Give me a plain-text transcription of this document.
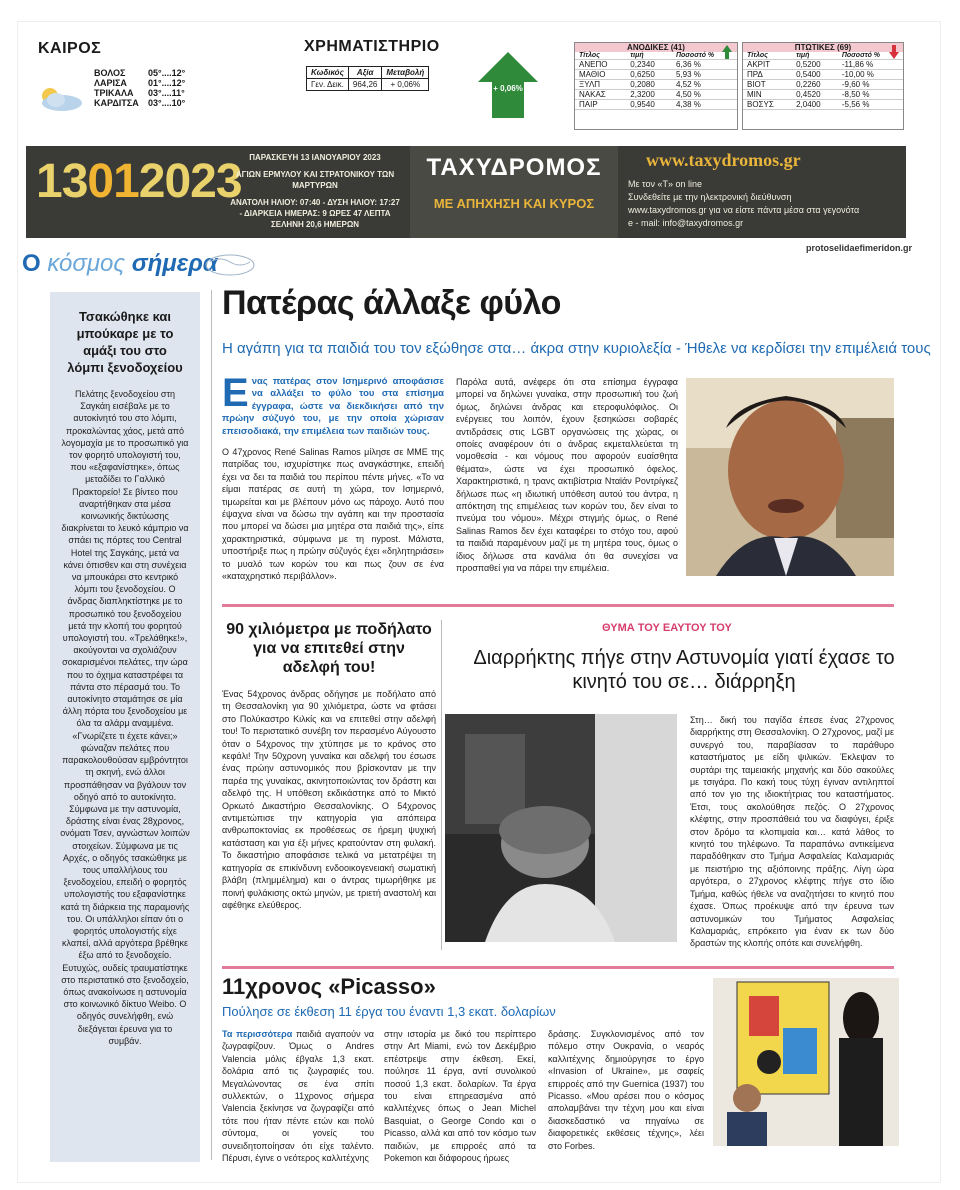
ΚΑΙΡΟΣ
ΒΟΛΟΣ	05°....12°
ΛΑΡΙΣΑ	01°....12°
ΤΡΙΚΑΛΑ	03°....11°
ΚΑΡΔΙΤΣΑ 03°....10°
ΧΡΗΜΑΤΙΣΤΗΡΙΟ
Κωδικός	Αξία	Μεταβολή
Γεν. Δεικ.	964,26	+ 0,06%	+ 0,06%
ΑΝΟΔΙΚΕΣ (41)
Τίτλος	τιμή	Ποσοστό %
ΑΝΕΠΟ	0,2340	6,36 %
ΜΑΘΙΟ	0,6250	5,93 %
ΞΥΛΠ	0,2080	4,52 %
ΝΑΚΑΣ	2,3200	4,50 %
ΠΑΙΡ	0,9540	4,38 %
ΠΤΩΤΙΚΕΣ (69)
Τίτλος	τιμή	Ποσοστό %
ΑΚΡΙΤ	0,5200	-11,86 %
ΠΡΔ	0,5400	-10,00 %
ΒΙΟΤ	0,2260	-9,60 %
ΜΙΝ	0,4520	-8,50 %
ΒΟΣΥΣ	2,0400	-5,56 %
13012023 ΠΑΡΑΣΚΕΥΗ 13 ΙΑΝΟΥΑΡΙΟΥ 2023
ΑΓΙΩΝ ΕΡΜΥΛΟΥ ΚΑΙ ΣΤΡΑΤΟΝΙΚΟΥ ΤΩΝ ΜΑΡΤΥΡΩΝ
ΑΝΑΤΟΛΗ ΗΛΙΟΥ: 07:40 - ΔΥΣΗ ΗΛΙΟΥ: 17:27
- ΔΙΑΡΚΕΙΑ ΗΜΕΡΑΣ: 9 ΩΡΕΣ 47 ΛΕΠΤΑ
ΣΕΛΗΝΗ 20,6 ΗΜΕΡΩΝ
ΤΑΧΥΔΡΟΜΟΣ
ΜΕ ΑΠΗΧΗΣΗ ΚΑΙ ΚΥΡΟΣ
www.taxydromos.gr
Με τον «Τ» on line
Συνδεθείτε με την ηλεκτρονική διεύθυνση
www.taxydromos.gr για να είστε πάντα μέσα στα γεγονότα
e - mail: info@taxydromos.gr
protoselidaefimeridon.gr
Ο κόσμος σήμερα
Τσακώθηκε και μπούκαρε με το αμάξι του στο λόμπι ξενοδοχείου
Πελάτης ξενοδοχείου στη Σαγκάη εισέβαλε με το αυτοκίνητό του στο λόμπι, προκαλώντας χάος, μετά από λογομαχία με το προσωπικό για τον φορητό υπολογιστή του, που «εξαφανίστηκε», όπως μεταδίδει το Γαλλικό Πρακτορείο! Σε βίντεο που αναρτήθηκαν στα μέσα κοινωνικής δικτύωσης διακρίνεται το λευκό κάμπριο να σπάει τις πόρτες του Central Hotel της Σαγκάης, μετά να κάνει όπισθεν και στη συνέχεια να μπουκάρει στο κεντρικό λόμπι του ξενοδοχείου. Ο άνδρας διαπληκτίστηκε με το προσωπικό του ξενοδοχείου μετά την κλοπή του φορητού υπολογιστή του. «Τρελάθηκε!», ακούγονται να σχολιάζουν σοκαρισμένοι πελάτες, την ώρα που το όχημα καταστρέφει τα πάντα στο πέρασμά του. Το αυτοκίνητο σταμάτησε σε μία άλλη πόρτα του ξενοδοχείου με όλα τα αλάρμ αναμμένα. «Γνωρίζετε τι έχετε κάνει;» φώναζαν πελάτες που παρακολουθούσαν εμβρόντητοι τη σκηνή, ενώ άλλοι προσπάθησαν να βγάλουν τον οδηγό από το αυτοκίνητο. Σύμφωνα με την αστυνομία, δράστης είναι ένας 28χρονος, ονόματι Τσεν, αγνώστων λοιπών στοιχείων. Σύμφωνα με τις Αρχές, ο οδηγός τσακώθηκε με τους υπαλλήλους του ξενοδοχείου, επειδή ο φορητός υπολογιστής του εξαφανίστηκε κατά τη διάρκεια της παραμονής του. Οι υπάλληλοι είπαν ότι ο φορητός υπολογιστής είχε κλαπεί, αλλά αργότερα βρέθηκε έξω από το ξενοδοχείο. Ευτυχώς, ουδείς τραυματίστηκε στο περιστατικό στο ξενοδοχείο, όπως ανακοίνωσε η αστυνομία στο κοινωνικό δίκτυο Weibo. Ο οδηγός συνελήφθη, ενώ διεξάγεται έρευνα για το συμβάν.
Πατέρας άλλαξε φύλο
Η αγάπη για τα παιδιά του τον εξώθησε στα… άκρα στην κυριολεξία - Ήθελε να κερδίσει την επιμέλειά τους
Ενας πατέρας στον Ισημερινό αποφάσισε να αλλάξει το φύλο του στα επίσημα έγγραφα, ώστε να διεκδικήσει από την πρώην σύζυγό του, με την οποία χώρισαν επεισοδιακά, την επιμέλεια των παιδιών τους.
Ο 47χρονος René Salinas Ramos μίλησε σε ΜΜΕ της πατρίδας του, ισχυρίστηκε πως αναγκάστηκε, επειδή έχει να δει τα παιδιά του περίπου πέντε μήνες. «Το να είμαι πατέρας σε αυτή τη χώρα, τον Ισημερινό, τιμωρείται και με βλέπουν μόνο ως πάροχο. Αυτό που έψαχνα είναι να δώσω την αγάπη και την προστασία που μπορεί να δώσει μια μητέρα στα παιδιά της», είπε χαρακτηριστικά, σύμφωνα με τη nypost. Μάλιστα, υποστήριξε πως η πρώην σύζυγός έχει «δηλητηριάσει» το μυαλό των κορών του και πως ζουν σε ένα «καταχρηστικό περιβάλλον».
Παρόλα αυτά, ανέφερε ότι στα επίσημα έγγραφα μπορεί να δηλώνει γυναίκα, στην προσωπική του ζωή όμως, δηλώνει άνδρας και ετεροφυλόφιλος. Οι ενέργειες του λοιπόν, έχουν ξεσηκώσει σοβαρές αντιδράσεις στις LGBT οργανώσεις της χώρας, οι οποίες αναφέρουν ότι ο άνδρας εκμεταλλεύεται τη νομοθεσία - και νόμους που αφορούν ευαίσθητα θέματα», ώστε να έχει προσωπικό όφελος. Χαρακτηριστικά, η τρανς ακτιβίστρια Νταϊάν Ροντρίγκεζ δήλωσε πως «η ιδιωτική υπόθεση αυτού του άντρα, η απόκτηση της επιμέλειας των κορών του, δεν είναι το πνεύμα του νόμου». Μέχρι στιγμής όμως, ο René Salinas Ramos δεν έχει καταφέρει το στόχο του, αφού τα παιδιά παραμένουν μαζί με τη μητέρα τους, όμως ο ίδιος δήλωσε στα κανάλια ότι θα συνεχίσει να προσπαθεί για να πάρει την επιμέλεια.
90 χιλιόμετρα με ποδήλατο για να επιτεθεί στην αδελφή του!
Ένας 54χρονος άνδρας οδήγησε με ποδήλατο από τη Θεσσαλονίκη για 90 χιλιόμετρα, ώστε να φτάσει στο Πολύκαστρο Κιλκίς και να επιτεθεί στην αδελφή του! Το περιστατικό συνέβη τον περασμένο Αύγουστο όταν ο 54χρονος την χτύπησε με το κράνος στο κεφάλι! Την 50χρονη γυναίκα και αδελφή του έσωσε ένας πρώην αστυνομικός που βρίσκονταν με την παρέα της γυναίκας, ακινητοποιώντας τον δράστη και αδελφό της. Η υπόθεση εκδικάστηκε από το Μικτό Ορκωτό Δικαστήριο Θεσσαλονίκης. Ο 54χρονος αντιμετώπισε την κατηγορία για απόπειρα ανθρωποκτονίας εκ προθέσεως σε ήρεμη ψυχική κατάσταση και για έξι μήνες κρατούνταν στη φυλακή. Το δικαστήριο αποφάσισε τελικά να μετατρέψει τη κατηγορία σε επικίνδυνη ενδοοικογενειακή σωματική βλάβη (πλημμέλημα) και ο άντρας τιμωρήθηκε με ποινή φυλάκισης οκτώ μηνών, με τριετή αναστολή και αφέθηκε ελεύθερος.
ΘΥΜΑ ΤΟΥ ΕΑΥΤΟΥ ΤΟΥ
Διαρρήκτης πήγε στην Αστυνομία γιατί έχασε το κινητό του σε… διάρρηξη
Στη… δική του παγίδα έπεσε ένας 27χρονος διαρρήκτης στη Θεσσαλονίκη. Ο 27χρονος, μαζί με συνεργό του, παραβίασαν το παράθυρο καταστήματος με είδη ψιλικών. Έκλεψαν το συρτάρι της ταμειακής μηχανής και δύο σακούλες με τσιγάρα. Πο κακή τους τύχη έγιναν αντιληπτοί από τον γιο της ιδιοκτήτριας του καταστήματος. Έτσι, τους ακολούθησε πεζός. Ο 27χρονος κλέφτης, στην προσπάθειά του να διαφύγει, έριξε στον δρόμο τα κλοπιμαία και… κατά λάθος το κινητό του τηλέφωνο. Τα παραπάνω αντικείμενα παραδόθηκαν στο Τμήμα Ασφαλείας Καλαμαριάς με πειστήριο της αξιόποινης πράξης. Λίγη ώρα αργότερα, ο 27χρονος κλέφτης πήγε στο ίδιο Τμήμα, καθώς ήθελε να αναζητήσει το κινητό που έχασε. Όπως προέκυψε από την έρευνα των αστυνομικών του Τμήματος Ασφαλείας Καλαμαριάς, επρόκειτο για έναν εκ των δύο δραστών της κλοπής οπότε και συνελήφθη.
11χρονος «Picasso»
Πούλησε σε έκθεση 11 έργα του έναντι 1,3 εκατ. δολαρίων
Τα περισσότερα παιδιά αγαπούν να ζωγραφίζουν. Όμως ο Andres Valencia μόλις έβγαλε 1,3 εκατ. δολάρια από τις ζωγραφιές του. Μεγαλώνοντας σε ένα σπίτι συλλεκτών, ο 11χρονος σήμερα Valencia ξεκίνησε να ζωγραφίζει από τότε που ήταν πέντε ετών και πολύ σύντομα, οι γονείς του συνειδητοποίησαν ότι είχε ταλέντο. Πέρυσι, έγινε ο νεότερος καλλιτέχνης
στην ιστορία με δικό του περίπτερο στην Art Miami, ενώ τον Δεκέμβριο επέστρεψε στην έκθεση. Εκεί, πούλησε 11 έργα, αντί συνολικού ποσού 1,3 εκατ. δολαρίων. Τα έργα του είναι επηρεασμένα από καλλιτέχνες όπως ο Jean Michel Basquiat, ο George Condo και ο Picasso, αλλά και από τον κόσμο των παιδιών, με επιρροές από τα Pokemon και διάφορους ήρωες
δράσης. Συγκλονισμένος από τον πόλεμο στην Ουκρανία, ο νεαρός καλλιτέχνης δημιούργησε το έργο «Invasion of Ukraine», με σαφείς επιρροές από την Guernica (1937) του Picasso. «Μου αρέσει που ο κόσμος απολαμβάνει την τέχνη μου και είναι διασκεδαστικό να πηγαίνω σε διαφορετικές εκθέσεις τέχνης», λέει στο Forbes.
